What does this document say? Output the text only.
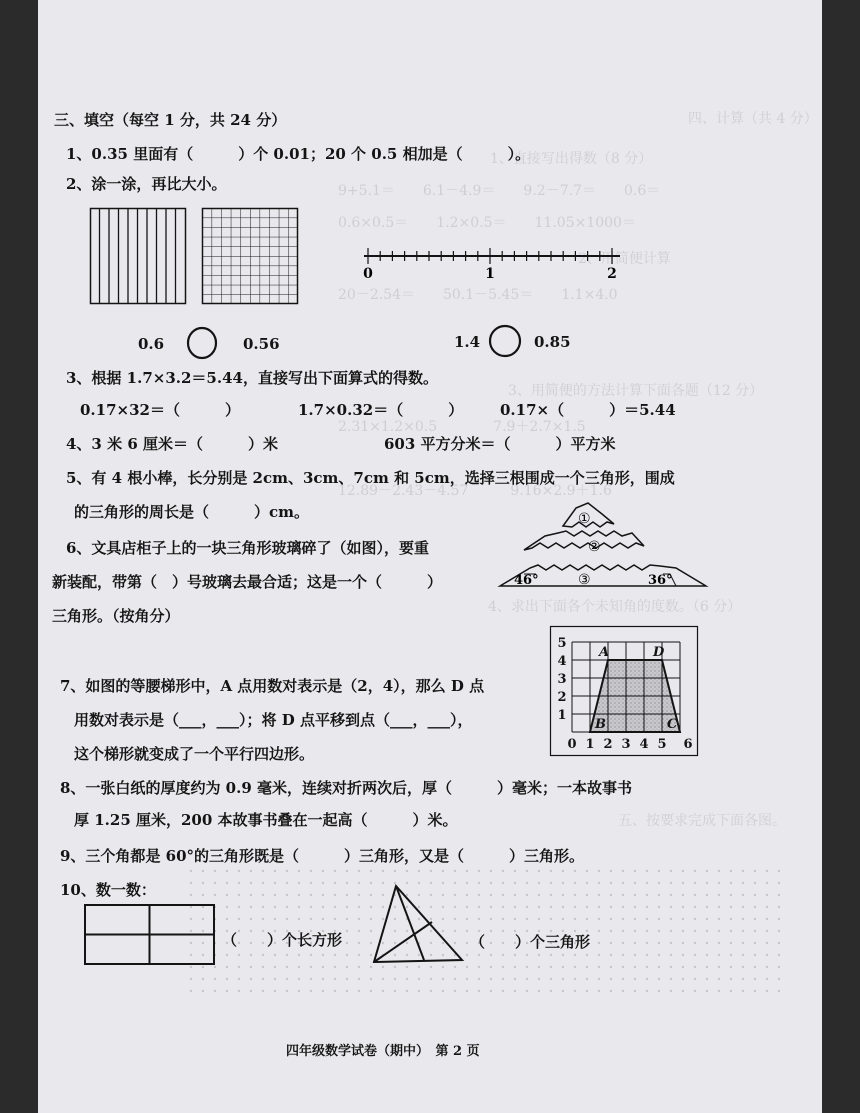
四、计算（共 4 分）
1、直接写出得数（8 分）
9+5.1＝　　6.1－4.9＝　　9.2－7.7＝　　0.6＝
0.6×0.5＝　　1.2×0.5＝　　11.05×1000＝
2、用简便计算
20－2.54＝　　50.1－5.45＝　　1.1×4.0
3、用简便的方法计算下面各题（12 分）
2.31×1.2×0.5　　　　7.9＋2.7×1.5
12.89－2.43－4.57　　　9.16×2.9＋1.6
4、求出下面各个未知角的度数。（6 分）
五、按要求完成下面各图。
三、填空（每空 1 分，共 24 分）
1、0.35 里面有（　　　）个 0.01；20 个 0.5 相加是（　　　）。
2、涂一涂，再比大小。
0	1	2
0.6	0.56	1.4	0.85
3、根据 1.7×3.2＝5.44，直接写出下面算式的得数。
0.17×32＝（　　　）	1.7×0.32＝（　　　） 0.17×（　　　）＝5.44
4、3 米 6 厘米＝（　　　）米	603 平方分米＝（　　　）平方米
5、有 4 根小棒，长分别是 2cm、3cm、7cm 和 5cm，选择三根围成一个三角形，围成
的三角形的周长是（　　　）cm。
6、文具店柜子上的一块三角形玻璃碎了（如图），要重
新装配，带第（　）号玻璃去最合适；这是一个（　　　）
三角形。（按角分）
①
②
③
46°	36°
7、如图的等腰梯形中，A 点用数对表示是（2，4），那么 D 点
用数对表示是（___，___）；将 D 点平移到点（___，___），
这个梯形就变成了一个平行四边形。
5
4
3
2
1
0 1 2 3 4 5 6
A	D
B	C
8、一张白纸的厚度约为 0.9 毫米，连续对折两次后，厚（　　　）毫米；一本故事书
厚 1.25 厘米，200 本故事书叠在一起高（　　　）米。
9、三个角都是 60°的三角形既是（　　　）三角形，又是（　　　）三角形。
10、数一数：
（　　）个长方形	（　　）个三角形
四年级数学试卷（期中）　第 2 页
